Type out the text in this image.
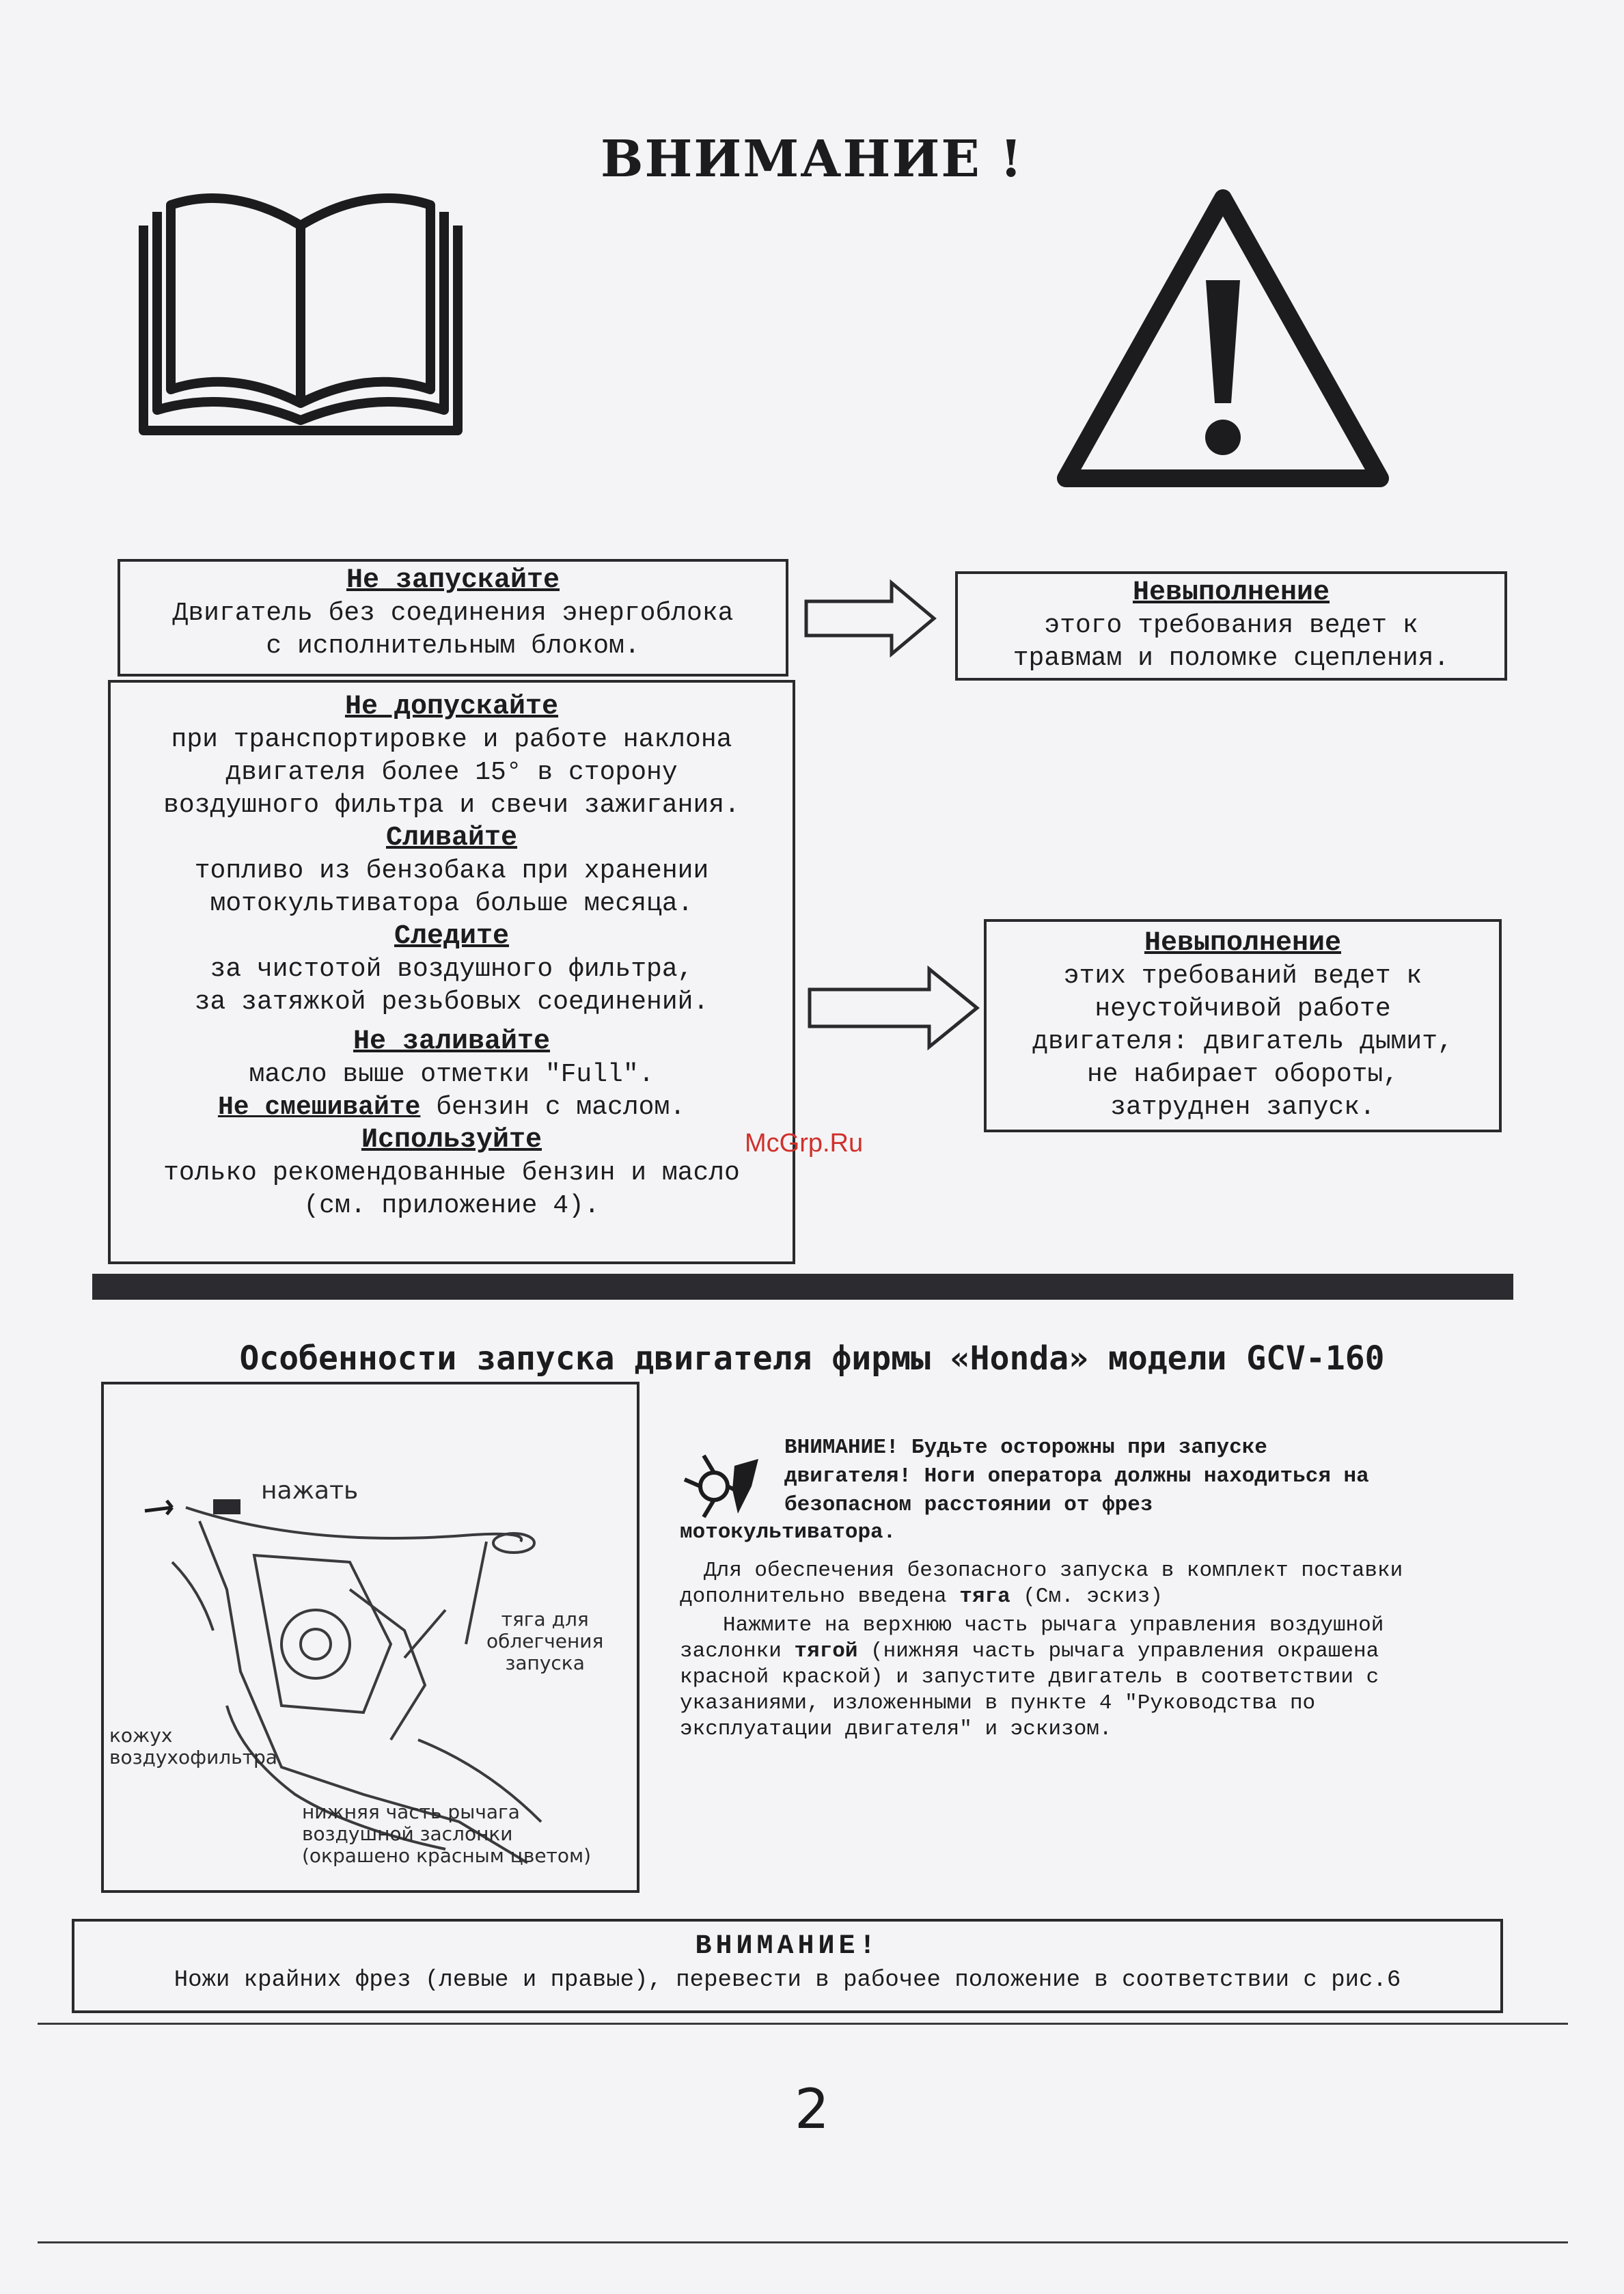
ВНИМАНИЕ !
Не запускайте
Двигатель без соединения энергоблока
с исполнительным блоком.
Невыполнение
этого требования ведет к
травмам и поломке сцепления.
Не допускайте
при транспортировке и работе наклона
двигателя более 15° в сторону
воздушного фильтра и свечи зажигания.
Сливайте
топливо из бензобака при хранении
мотокультиватора больше месяца.
Следите
за чистотой воздушного фильтра,
за затяжкой резьбовых соединений.
Не заливайте
масло выше отметки "Full".
Не смешивайте бензин с маслом.
Используйте
только рекомендованные бензин и масло
(см. приложение 4).
Невыполнение
этих требований ведет к
неустойчивой работе
двигателя: двигатель дымит,
не набирает обороты,
затруднен запуск.
McGrp.Ru
Особенности запуска двигателя фирмы «Honda» модели GCV-160
нажать
тяга для
облегчения
запуска
кожух
воздухофильтра
нижняя часть рычага
воздушной заслонки
(окрашено красным цветом)
ВНИМАНИЕ! Будьте осторожны при запуске
двигателя! Ноги оператора должны находиться на
безопасном расстоянии от фрез
мотокультиватора.
Для обеспечения безопасного запуска в комплект поставки
дополнительно введена тяга (См. эскиз)
Нажмите на верхнюю часть рычага управления воздушной
заслонки тягой (нижняя часть рычага управления окрашена
красной краской) и запустите двигатель в соответствии с
указаниями, изложенными в пункте 4 "Руководства по
эксплуатации двигателя" и эскизом.
ВНИМАНИЕ!
Ножи крайних фрез (левые и правые), перевести в рабочее положение в соответствии с рис.6
2
